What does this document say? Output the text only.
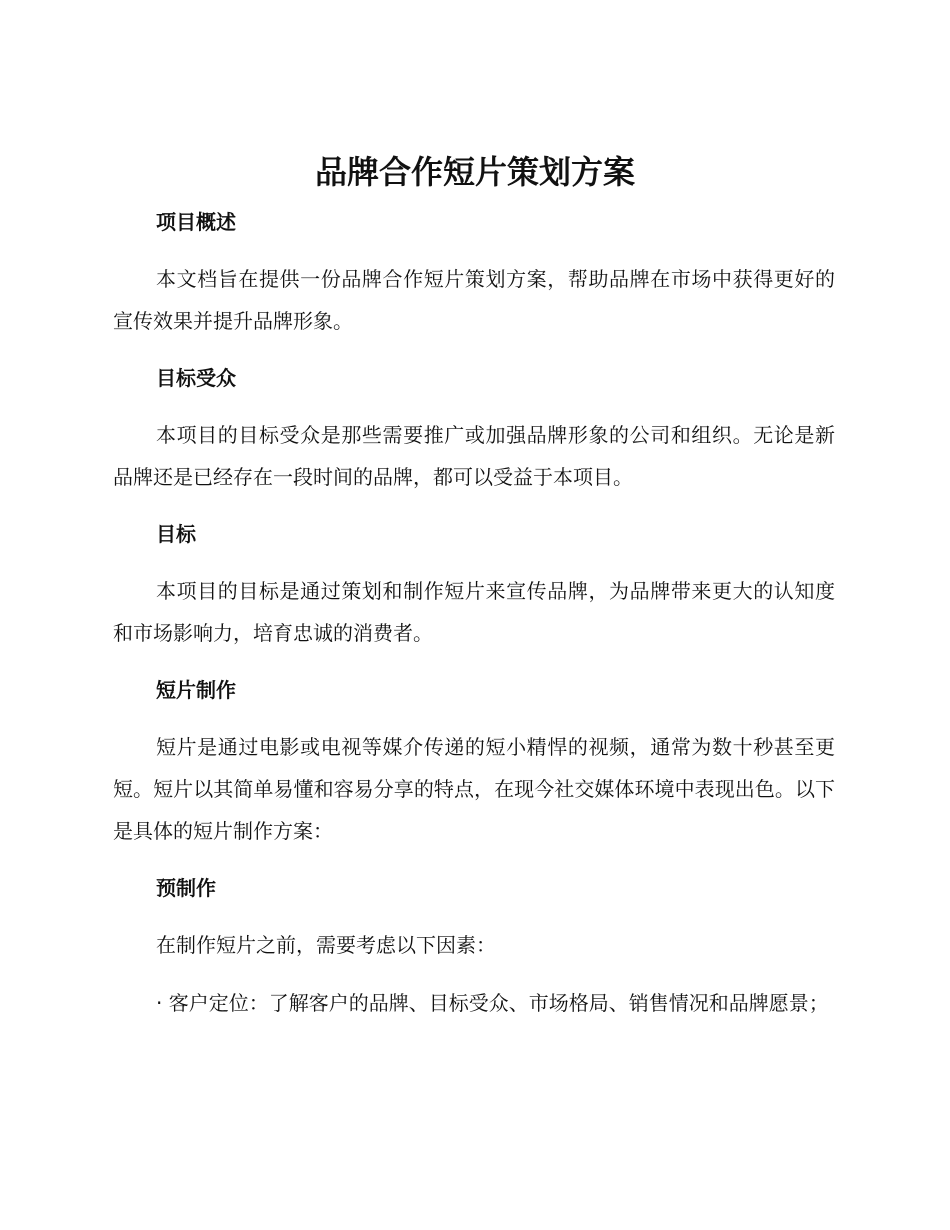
品牌合作短片策划方案
项目概述

本文档旨在提供一份品牌合作短片策划方案，帮助品牌在市场中获得更好的宣传效果并提升品牌形象。

目标受众

本项目的目标受众是那些需要推广或加强品牌形象的公司和组织。无论是新品牌还是已经存在一段时间的品牌，都可以受益于本项目。

目标

本项目的目标是通过策划和制作短片来宣传品牌，为品牌带来更大的认知度和市场影响力，培育忠诚的消费者。

短片制作

短片是通过电影或电视等媒介传递的短小精悍的视频，通常为数十秒甚至更短。短片以其简单易懂和容易分享的特点，在现今社交媒体环境中表现出色。以下是具体的短片制作方案：

预制作

在制作短片之前，需要考虑以下因素：

· 客户定位：了解客户的品牌、目标受众、市场格局、销售情况和品牌愿景；
